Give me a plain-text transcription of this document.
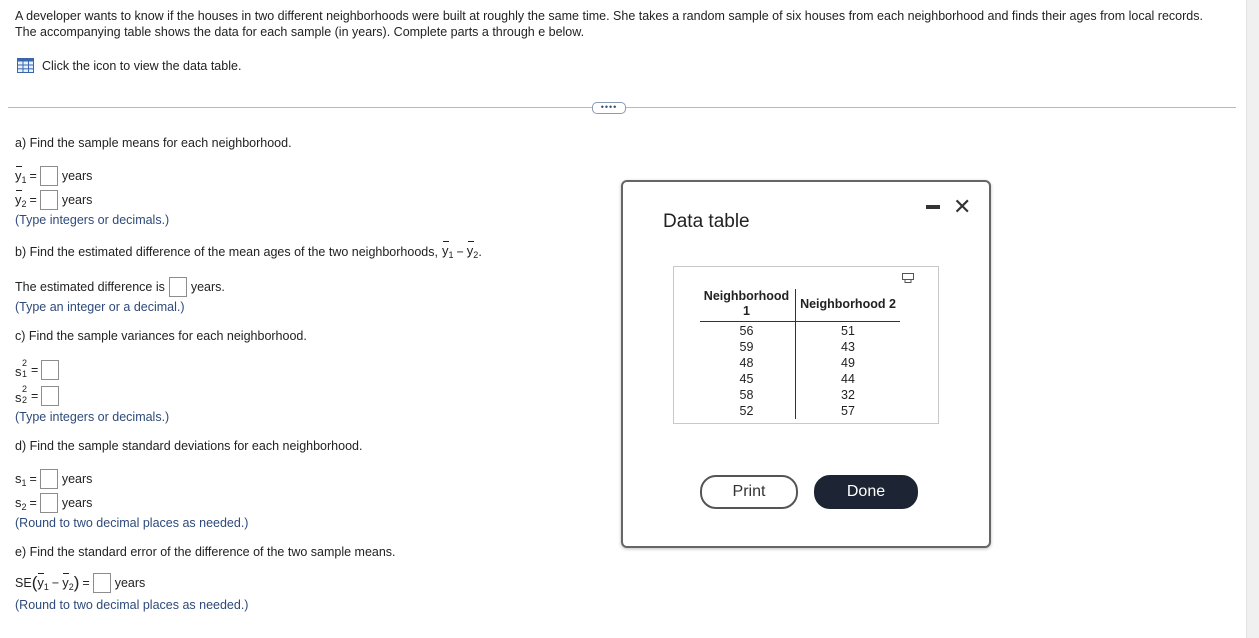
A developer wants to know if the houses in two different neighborhoods were built at roughly the same time. She takes a random sample of six houses from each neighborhood and finds their ages from local records. The accompanying table shows the data for each sample (in years). Complete parts a through e below.
Click the icon to view the data table.
••••
a) Find the sample means for each neighborhood.
$y_1$ = years
$y_2$ = years
(Type integers or decimals.)
b) Find the estimated difference of the mean ages of the two neighborhoods, $y_1 - y_2$ .
The estimated difference is years.
(Type an integer or a decimal.)
c) Find the sample variances for each neighborhood.
s
2
1 =
s
2
2 =
(Type integers or decimals.)
d) Find the sample standard deviations for each neighborhood.
$s_1$ = years
$s_2$ = years
(Round to two decimal places as needed.)
e) Find the standard error of the difference of the two sample means.
SE ( $y_1 - y_2$ ) = years
(Round to two decimal places as needed.)
Data table
✕
Neighborhood
1	Neighborhood 2
56
59
48
45
58
52
51
43
49
44
32
57
Print	Done
